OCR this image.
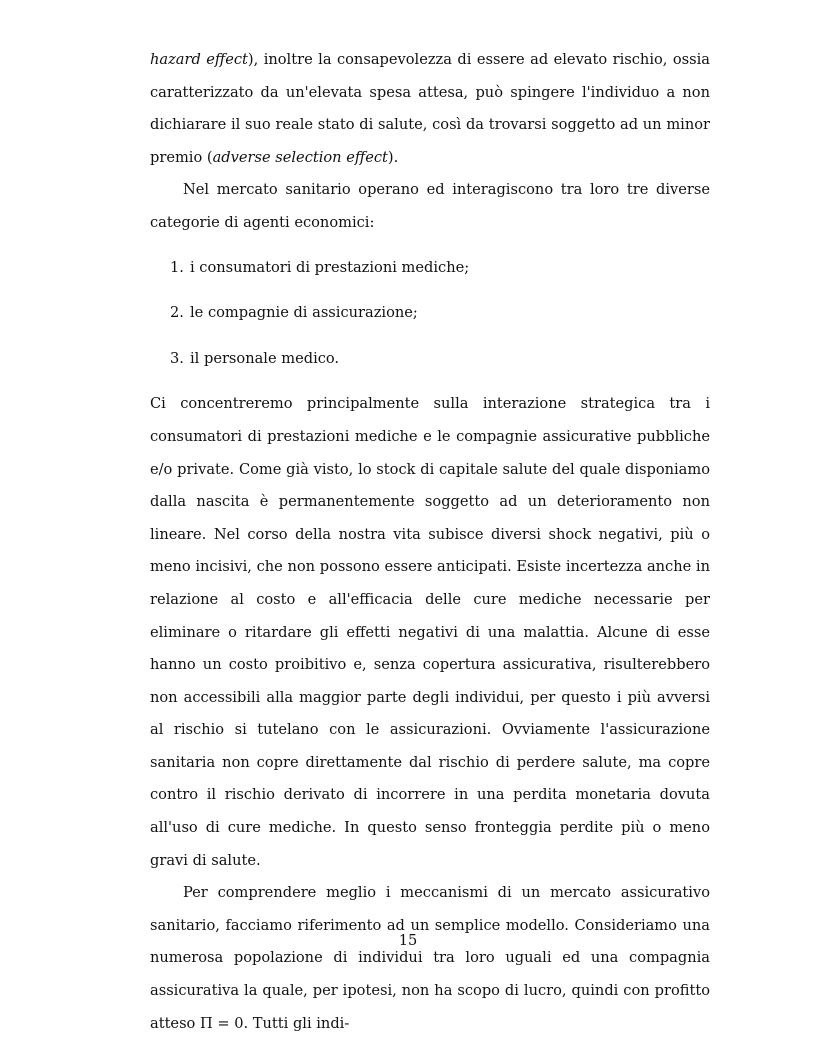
hazard effect), inoltre la consapevolezza di essere ad elevato rischio, ossia caratterizzato da un'elevata spesa attesa, può spingere l'individuo a non dichiarare il suo reale stato di salute, così da trovarsi soggetto ad un minor premio (adverse selection effect).

Nel mercato sanitario operano ed interagiscono tra loro tre diverse categorie di agenti economici:

1. i consumatori di prestazioni mediche;
2. le compagnie di assicurazione;
3. il personale medico.

Ci concentreremo principalmente sulla interazione strategica tra i consumatori di prestazioni mediche e le compagnie assicurative pubbliche e/o private. Come già visto, lo stock di capitale salute del quale disponiamo dalla nascita è permanentemente soggetto ad un deterioramento non lineare. Nel corso della nostra vita subisce diversi shock negativi, più o meno incisivi, che non possono essere anticipati. Esiste incertezza anche in relazione al costo e all'efficacia delle cure mediche necessarie per eliminare o ritardare gli effetti negativi di una malattia. Alcune di esse hanno un costo proibitivo e, senza copertura assicurativa, risulterebbero non accessibili alla maggior parte degli individui, per questo i più avversi al rischio si tutelano con le assicurazioni. Ovviamente l'assicurazione sanitaria non copre direttamente dal rischio di perdere salute, ma copre contro il rischio derivato di incorrere in una perdita monetaria dovuta all'uso di cure mediche. In questo senso fronteggia perdite più o meno gravi di salute.

Per comprendere meglio i meccanismi di un mercato assicurativo sanitario, facciamo riferimento ad un semplice modello. Consideriamo una numerosa popolazione di individui tra loro uguali ed una compagnia assicurativa la quale, per ipotesi, non ha scopo di lucro, quindi con profitto atteso Π = 0. Tutti gli indi-

15
